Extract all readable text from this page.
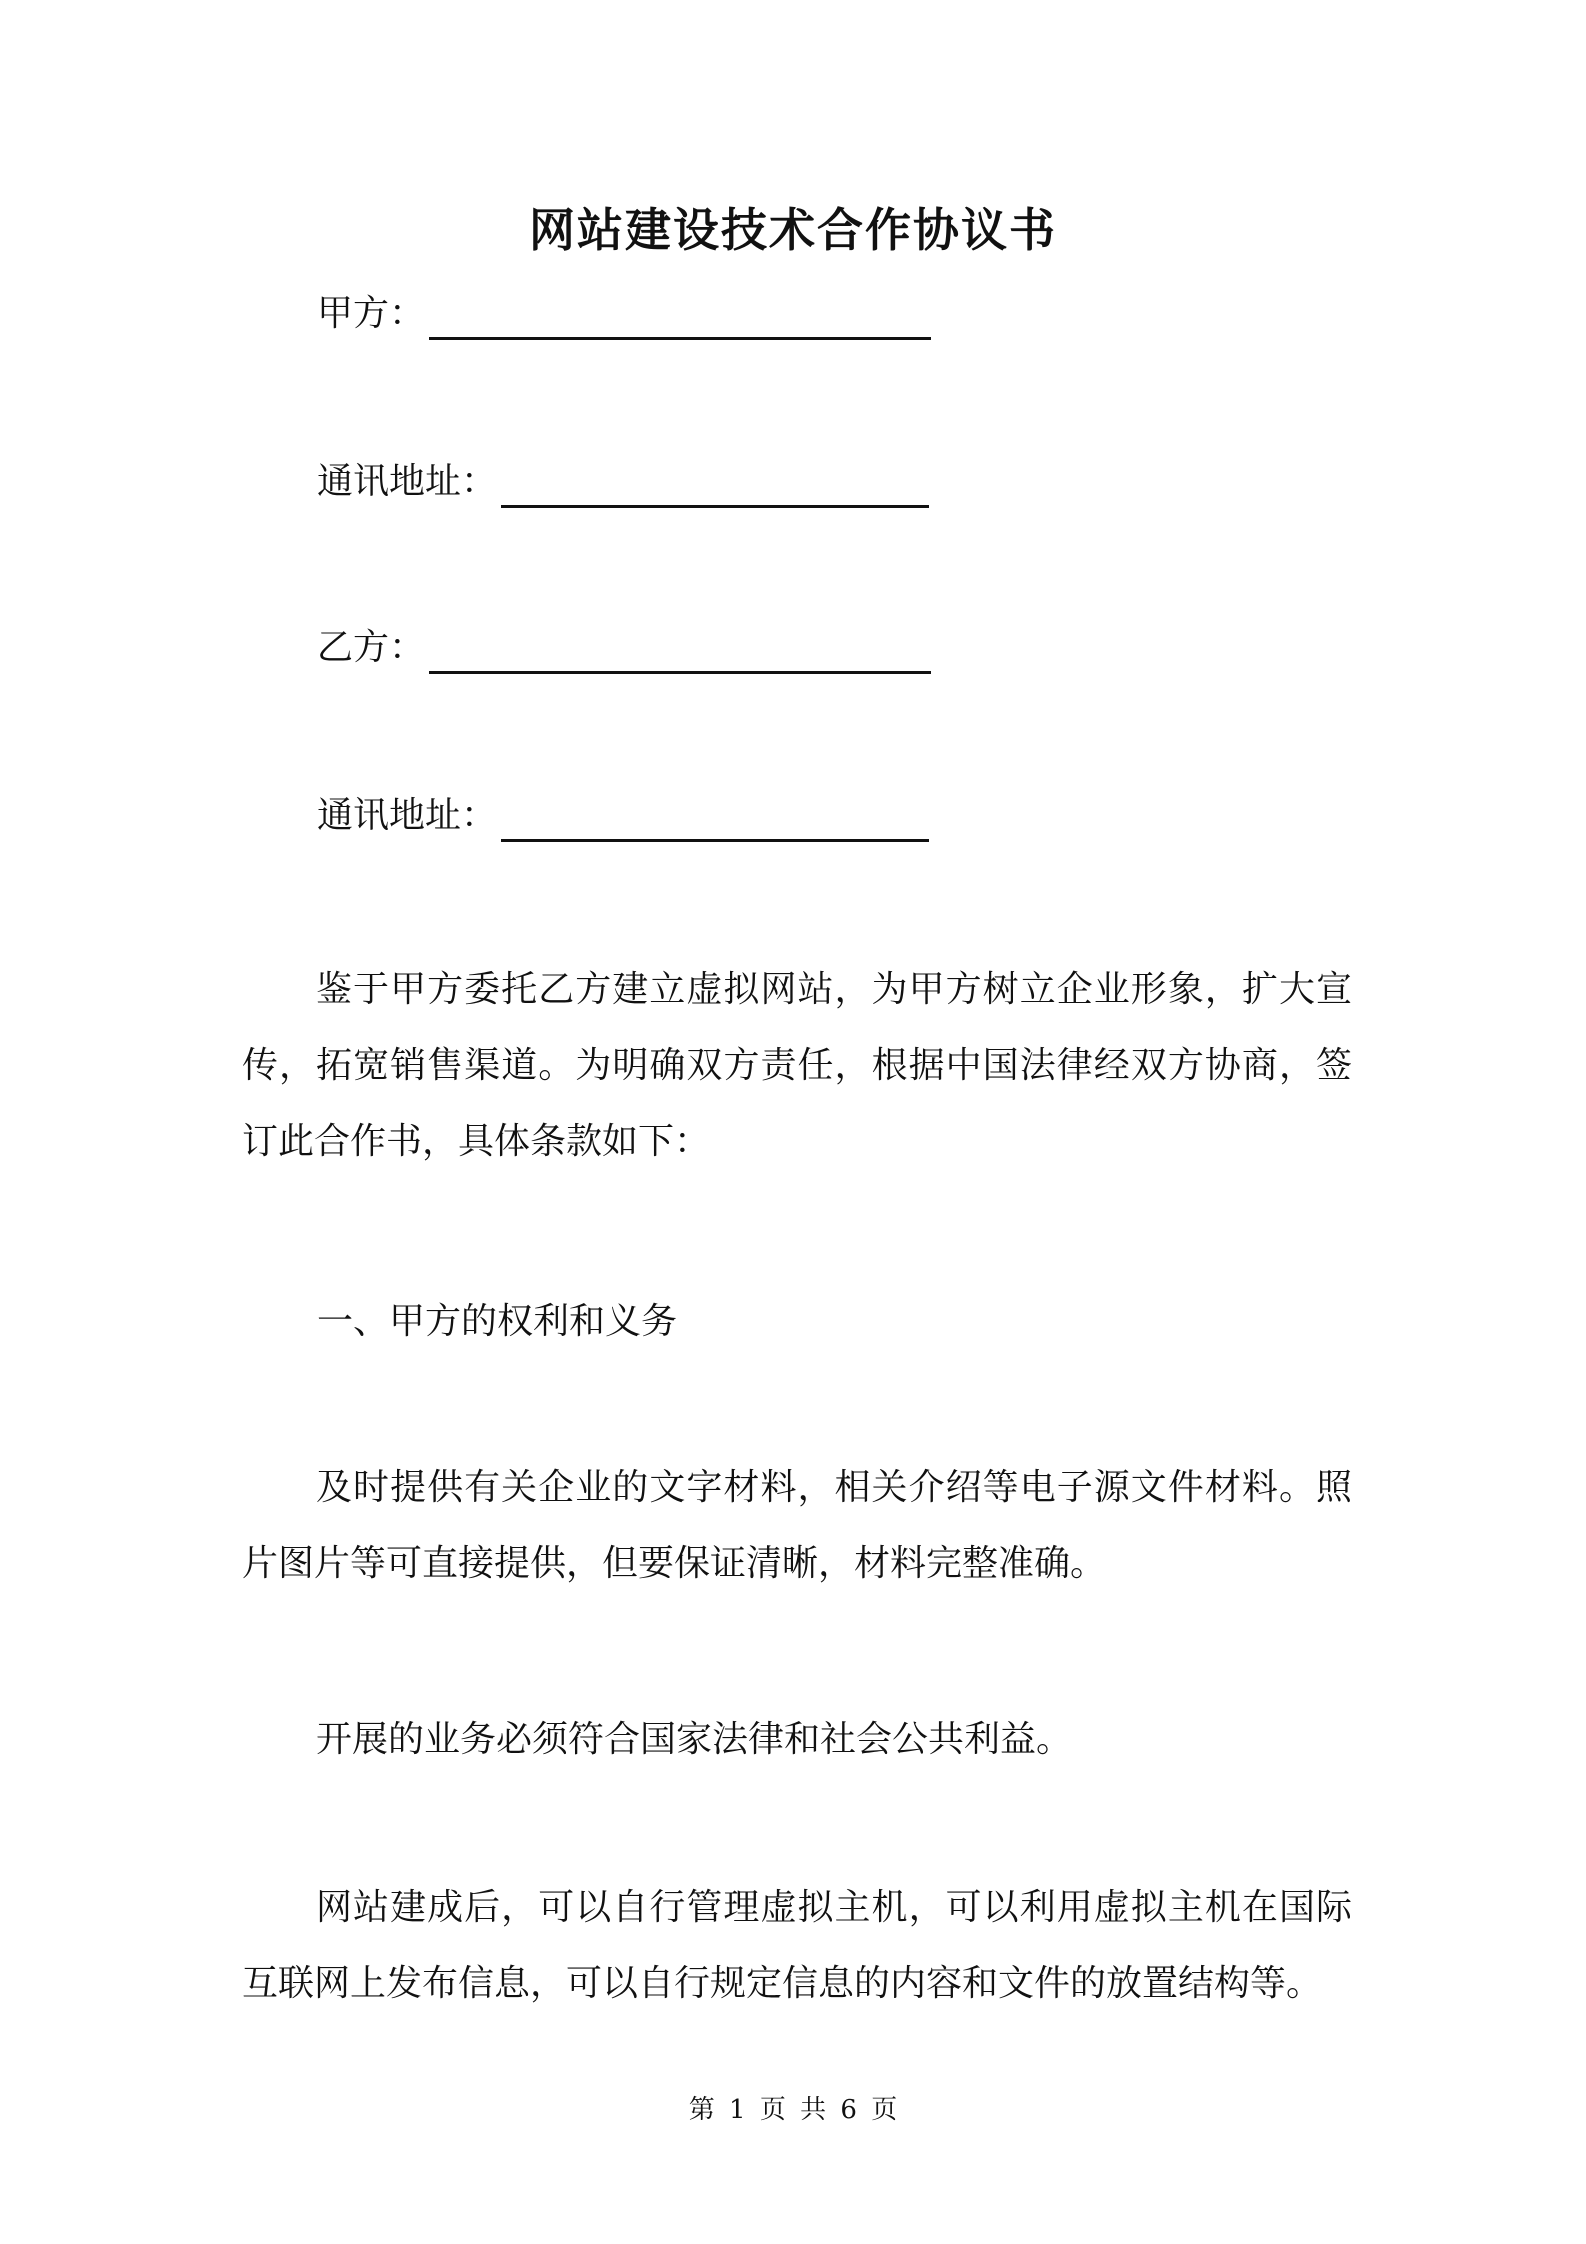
网站建设技术合作协议书
甲方：
通讯地址：
乙方：
通讯地址：

鉴于甲方委托乙方建立虚拟网站，为甲方树立企业形象，扩大宣传，拓宽销售渠道。为明确双方责任，根据中国法律经双方协商，签订此合作书，具体条款如下：

一、甲方的权利和义务

及时提供有关企业的文字材料，相关介绍等电子源文件材料。照片图片等可直接提供，但要保证清晰，材料完整准确。

开展的业务必须符合国家法律和社会公共利益。

网站建成后，可以自行管理虚拟主机，可以利用虚拟主机在国际互联网上发布信息，可以自行规定信息的内容和文件的放置结构等。

第 1 页 共 6 页
